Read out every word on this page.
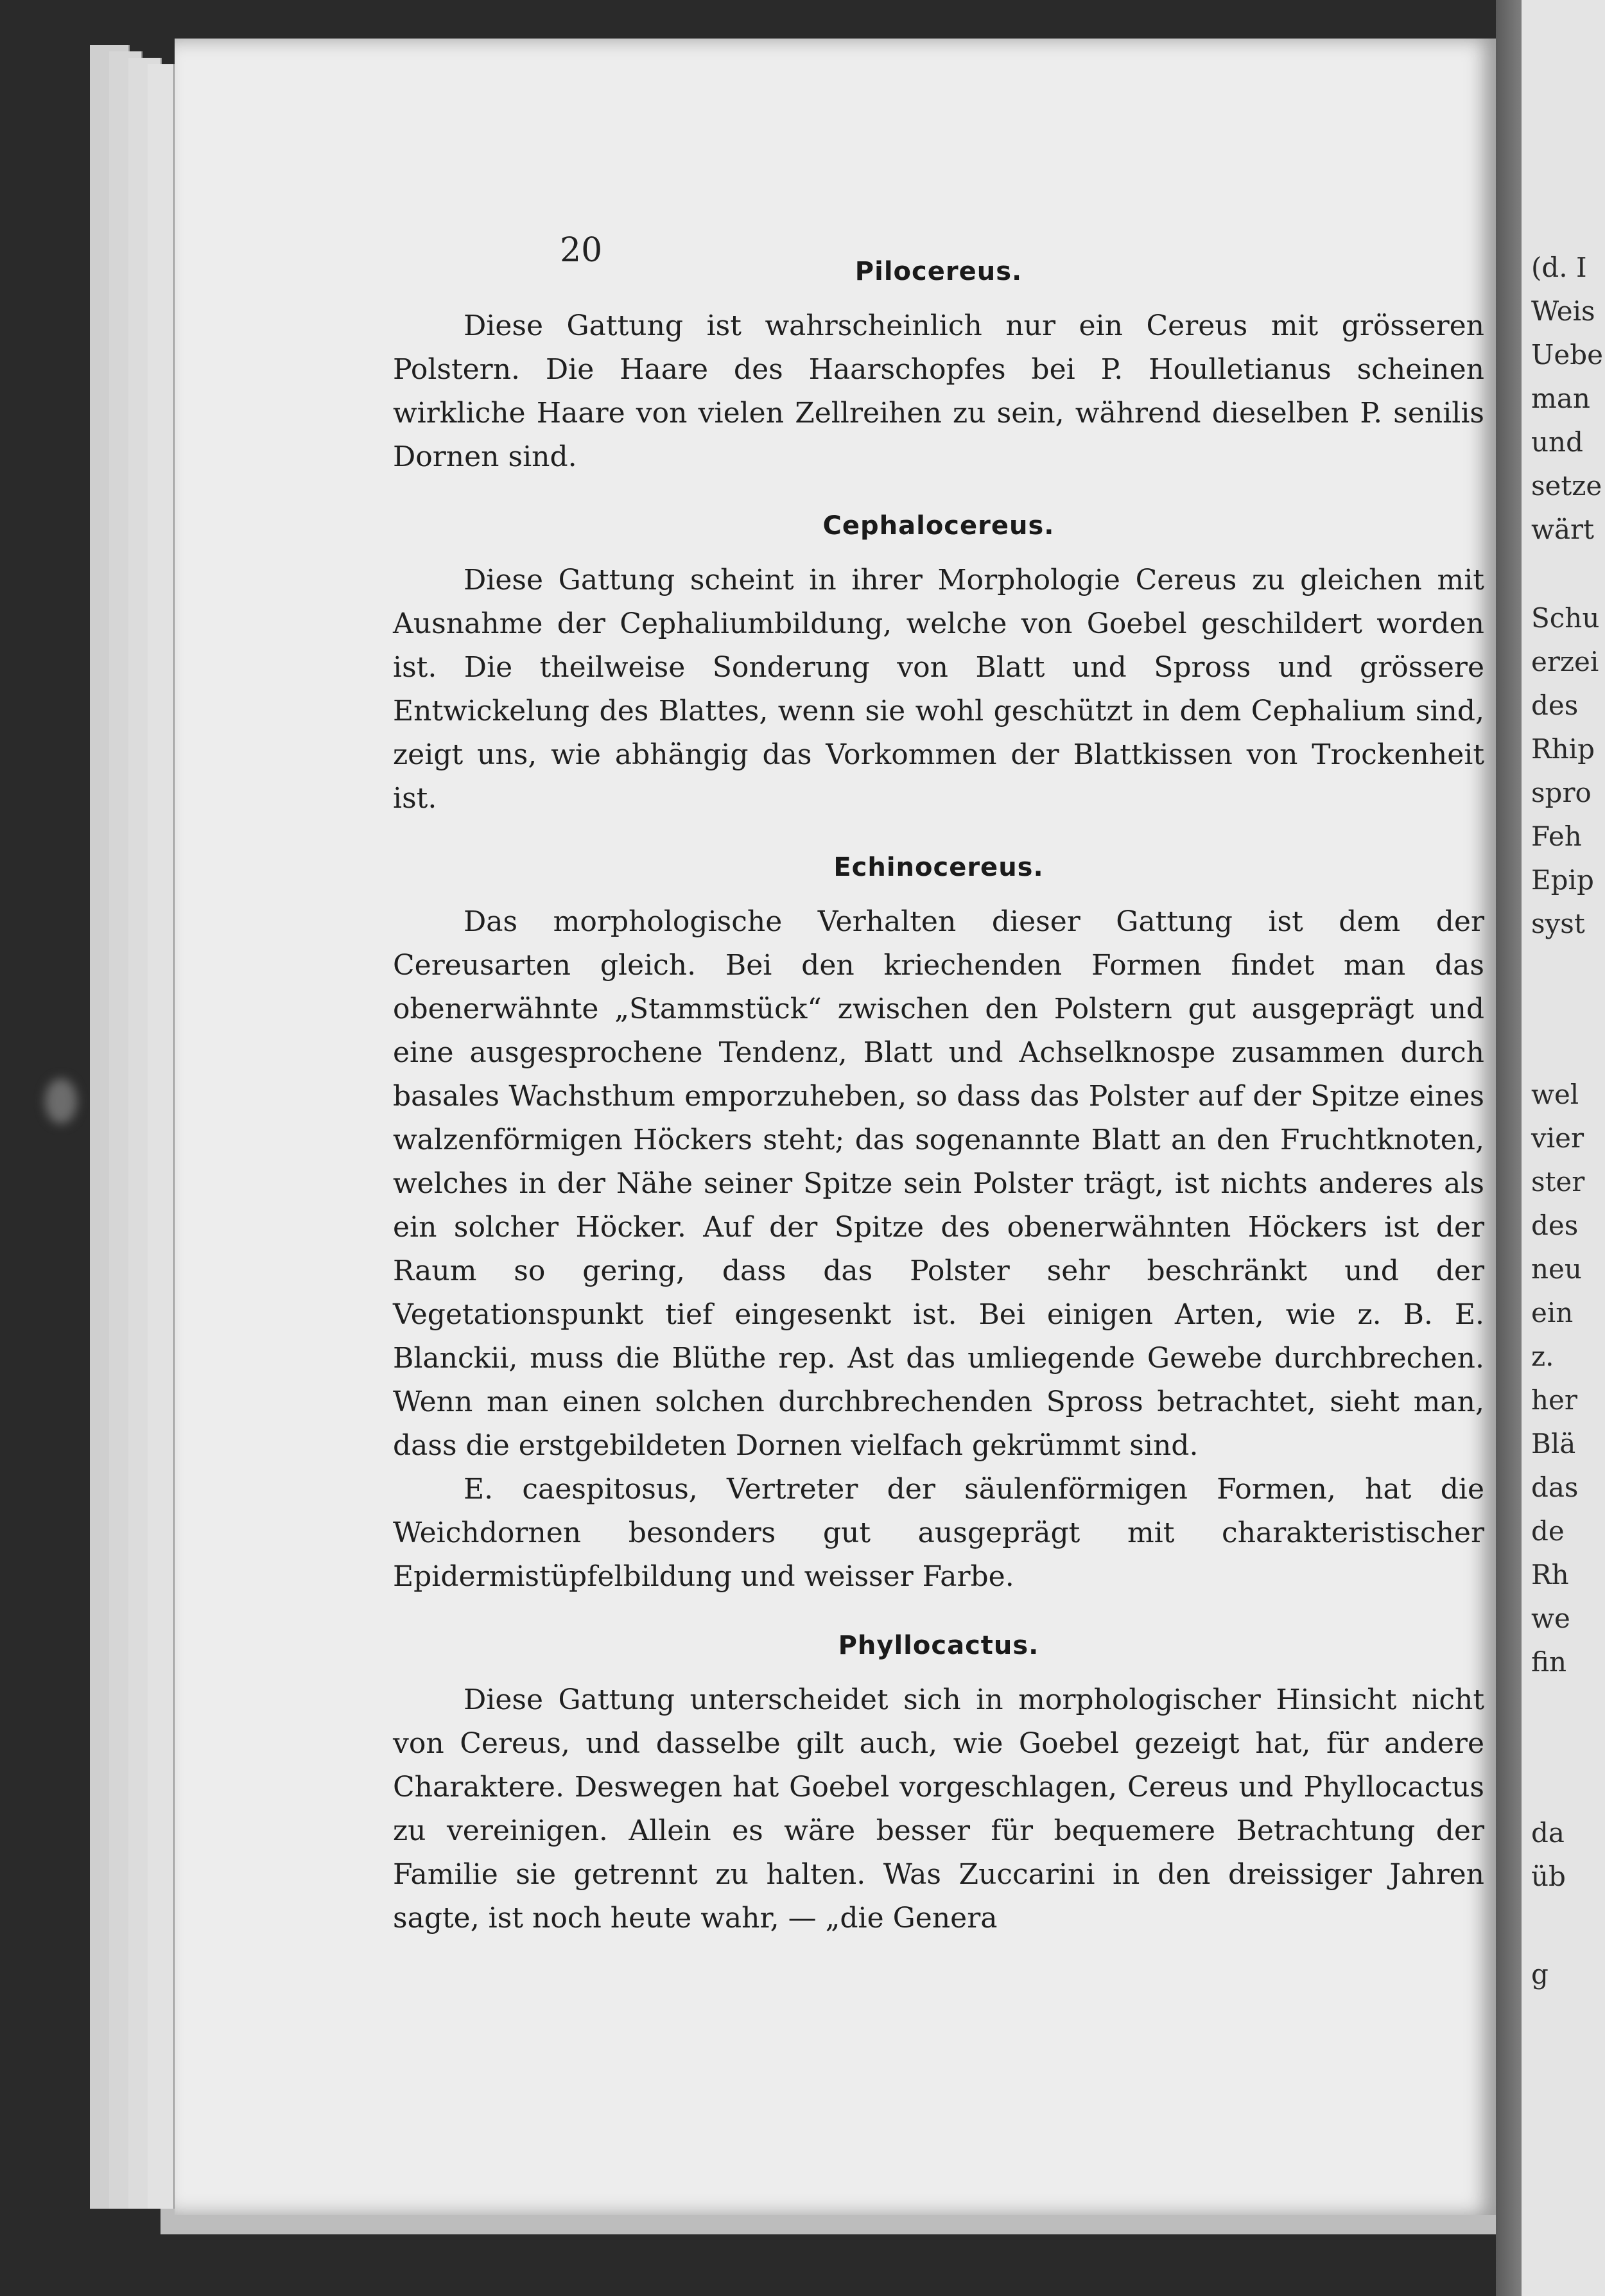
20
Pilocereus.

Diese Gattung ist wahrscheinlich nur ein Cereus mit grösseren Polstern. Die Haare des Haarschopfes bei P. Houlletianus scheinen wirkliche Haare von vielen Zellreihen zu sein, während dieselben P. senilis Dornen sind.

Cephalocereus.

Diese Gattung scheint in ihrer Morphologie Cereus zu gleichen mit Ausnahme der Cephaliumbildung, welche von Goebel geschildert worden ist. Die theilweise Sonderung von Blatt und Spross und grössere Entwickelung des Blattes, wenn sie wohl geschützt in dem Cephalium sind, zeigt uns, wie abhängig das Vorkommen der Blattkissen von Trockenheit ist.

Echinocereus.

Das morphologische Verhalten dieser Gattung ist dem der Cereusarten gleich. Bei den kriechenden Formen findet man das obenerwähnte „Stammstück“ zwischen den Polstern gut ausgeprägt und eine ausgesprochene Tendenz, Blatt und Achselknospe zusammen durch basales Wachsthum emporzuheben, so dass das Polster auf der Spitze eines walzenförmigen Höckers steht; das sogenannte Blatt an den Fruchtknoten, welches in der Nähe seiner Spitze sein Polster trägt, ist nichts anderes als ein solcher Höcker. Auf der Spitze des obenerwähnten Höckers ist der Raum so gering, dass das Polster sehr beschränkt und der Vegetationspunkt tief eingesenkt ist. Bei einigen Arten, wie z. B. E. Blanckii, muss die Blüthe rep. Ast das umliegende Gewebe durchbrechen. Wenn man einen solchen durchbrechenden Spross betrachtet, sieht man, dass die erstgebildeten Dornen vielfach gekrümmt sind.

E. caespitosus, Vertreter der säulenförmigen Formen, hat die Weichdornen besonders gut ausgeprägt mit charakteristischer Epidermistüpfelbildung und weisser Farbe.

Phyllocactus.

Diese Gattung unterscheidet sich in morphologischer Hinsicht nicht von Cereus, und dasselbe gilt auch, wie Goebel gezeigt hat, für andere Charaktere. Deswegen hat Goebel vorgeschlagen, Cereus und Phyllocactus zu vereinigen. Allein es wäre besser für bequemere Betrachtung der Familie sie getrennt zu halten. Was Zuccarini in den dreissiger Jahren sagte, ist noch heute wahr, — „die Genera

(d. I
Weis
Uebe
man
und
setze
wärt
Schu
erzei
des
Rhip
spro
Feh
Epip
syst
wel
vier
ster
des
neu
ein
z.
her
Blä
das
de
Rh
we
fin
da
üb
g
